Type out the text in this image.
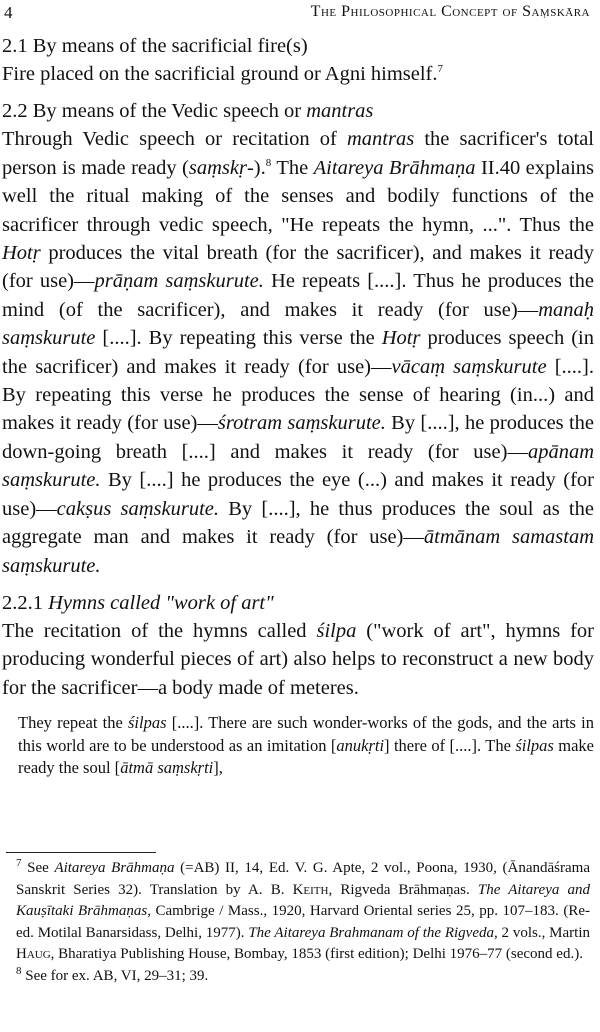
4	The Philosophical Concept of Saṃskāra

2.1 By means of the sacrificial fire(s)

Fire placed on the sacrificial ground or Agni himself.$^7$

2.2 By means of the Vedic speech or mantras

Through Vedic speech or recitation of mantras the sacrificer's total person is made ready (saṃskṛ-).$^8$ The Aitareya Brāhmaṇa II.40 explains well the ritual making of the senses and bodily functions of the sacrificer through vedic speech, "He repeats the hymn, ...". Thus the Hotṛ produces the vital breath (for the sacrificer), and makes it ready (for use)—prāṇam saṃskurute. He repeats [....]. Thus he produces the mind (of the sacrificer), and makes it ready (for use)—manaḥ saṃskurute [....]. By repeating this verse the Hotṛ produces speech (in the sacrificer) and makes it ready (for use)—vācaṃ saṃskurute [....]. By repeating this verse he produces the sense of hearing (in...) and makes it ready (for use)—śrotram saṃskurute. By [....], he produces the down-going breath [....] and makes it ready (for use)—apānam saṃskurute. By [....] he produces the eye (...) and makes it ready (for use)—cakṣus saṃskurute. By [....], he thus produces the soul as the aggregate man and makes it ready (for use)—ātmānam samastam saṃskurute.

2.2.1 Hymns called "work of art"

The recitation of the hymns called śilpa ("work of art", hymns for producing wonderful pieces of art) also helps to reconstruct a new body for the sacrificer—a body made of meteres.

They repeat the śilpas [....]. There are such wonder-works of the gods, and the arts in this world are to be understood as an imitation [anukṛti] there of [....]. The śilpas make ready the soul [ātmā saṃskṛti],

$^7$ See Aitareya Brāhmaṇa (=AB) II, 14, Ed. V. G. Apte, 2 vol., Poona, 1930, (Ānandāśrama Sanskrit Series 32). Translation by A. B. Keith, Rigveda Brāhmaṇas. The Aitareya and Kauṣītaki Brāhmaṇas, Cambrige / Mass., 1920, Harvard Oriental series 25, pp. 107–183. (Re-ed. Motilal Banarsidass, Delhi, 1977). The Aitareya Brahmanam of the Rigveda, 2 vols., Martin Haug, Bharatiya Publishing House, Bombay, 1853 (first edition); Delhi 1976–77 (second ed.).

$^8$ See for ex. AB, VI, 29–31; 39.
